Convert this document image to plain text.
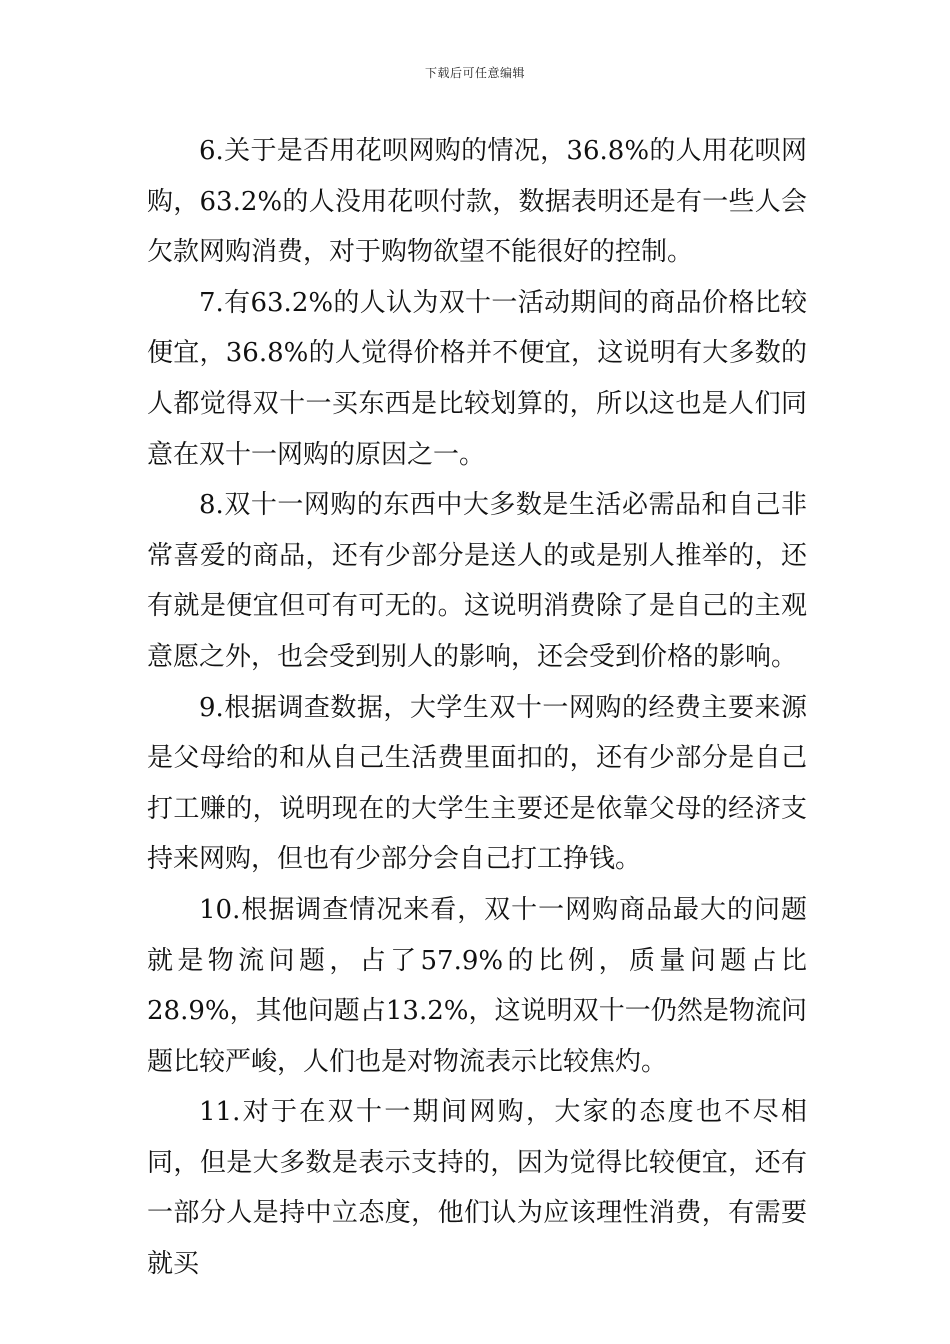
下载后可任意编辑

6.关于是否用花呗网购的情况，36.8%的人用花呗网购，63.2%的人没用花呗付款，数据表明还是有一些人会欠款网购消费，对于购物欲望不能很好的控制。

7.有63.2%的人认为双十一活动期间的商品价格比较便宜，36.8%的人觉得价格并不便宜，这说明有大多数的人都觉得双十一买东西是比较划算的，所以这也是人们同意在双十一网购的原因之一。

8.双十一网购的东西中大多数是生活必需品和自己非常喜爱的商品，还有少部分是送人的或是别人推举的，还有就是便宜但可有可无的。这说明消费除了是自己的主观意愿之外，也会受到别人的影响，还会受到价格的影响。

9.根据调查数据，大学生双十一网购的经费主要来源是父母给的和从自己生活费里面扣的，还有少部分是自己打工赚的，说明现在的大学生主要还是依靠父母的经济支持来网购，但也有少部分会自己打工挣钱。

10.根据调查情况来看，双十一网购商品最大的问题就是物流问题，占了57.9%的比例，质量问题占比28.9%，其他问题占13.2%，这说明双十一仍然是物流问题比较严峻，人们也是对物流表示比较焦灼。

11.对于在双十一期间网购，大家的态度也不尽相同，但是大多数是表示支持的，因为觉得比较便宜，还有一部分人是持中立态度，他们认为应该理性消费，有需要就买
